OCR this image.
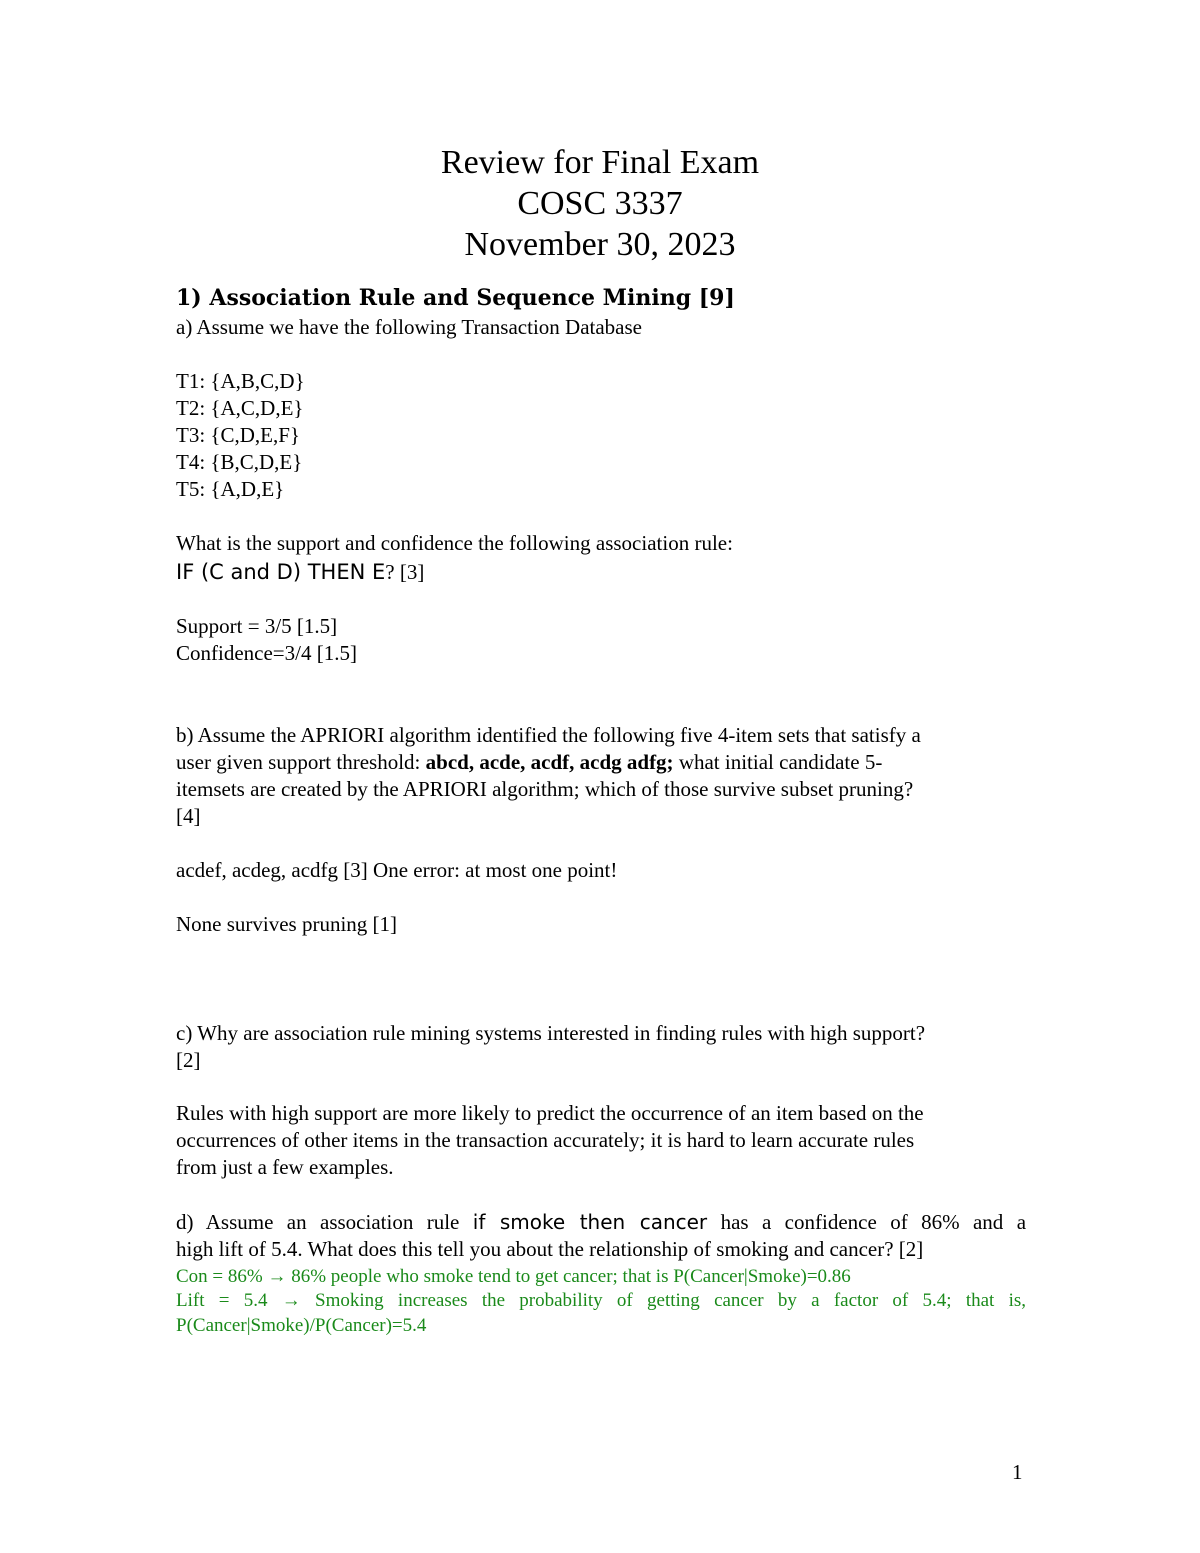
Review for Final Exam
COSC 3337
November 30, 2023
1) Association Rule and Sequence Mining [9]
a) Assume we have the following Transaction Database
T1: {A,B,C,D}
T2: {A,C,D,E}
T3: {C,D,E,F}
T4: {B,C,D,E}
T5: {A,D,E}
What is the support and confidence the following association rule:
IF (C and D) THEN E? [3]
Support = 3/5 [1.5]
Confidence=3/4 [1.5]
b) Assume the APRIORI algorithm identified the following five 4-item sets that satisfy a
user given support threshold: abcd, acde, acdf, acdg adfg; what initial candidate 5-
itemsets are created by the APRIORI algorithm; which of those survive subset pruning?
[4]
acdef, acdeg, acdfg [3] One error: at most one point!
None survives pruning [1]
c) Why are association rule mining systems interested in finding rules with high support?
[2]
Rules with high support are more likely to predict the occurrence of an item based on the
occurrences of other items in the transaction accurately; it is hard to learn accurate rules
from just a few examples.
d) Assume an association rule if smoke then cancer has a confidence of 86% and a
high lift of 5.4. What does this tell you about the relationship of smoking and cancer? [2]
Con = 86% → 86% people who smoke tend to get cancer; that is P(Cancer|Smoke)=0.86
Lift = 5.4 → Smoking increases the probability of getting cancer by a factor of 5.4; that is,
P(Cancer|Smoke)/P(Cancer)=5.4
1
